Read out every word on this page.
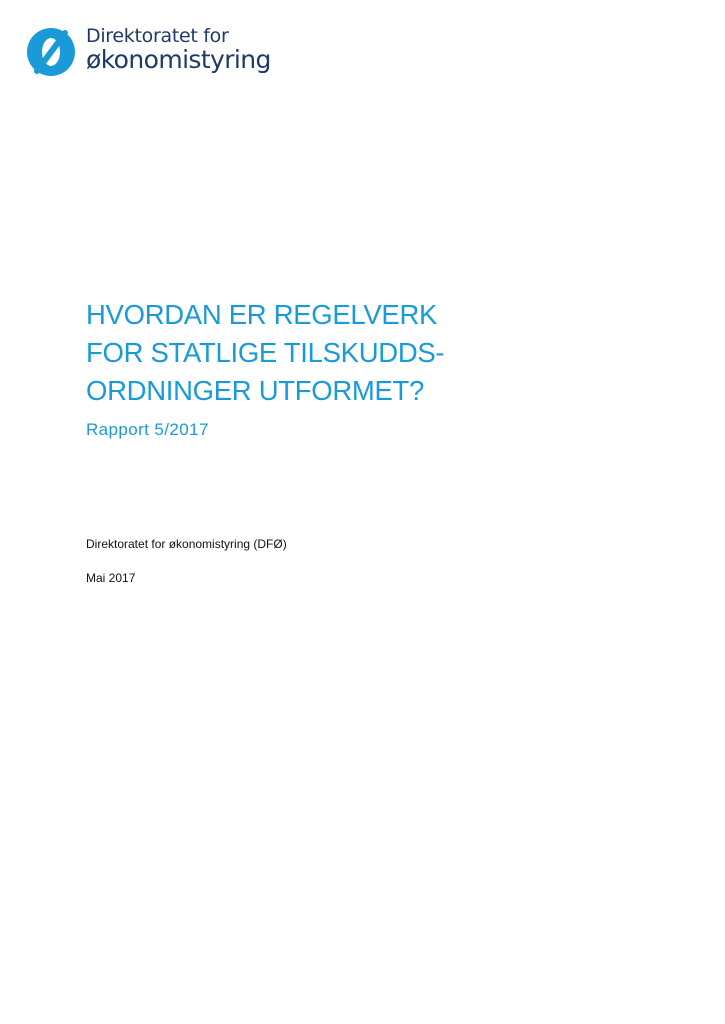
Direktoratet for
økonomistyring
HVORDAN ER REGELVERK
FOR STATLIGE TILSKUDDS-
ORDNINGER UTFORMET?

Rapport 5/2017

Direktoratet for økonomistyring (DFØ)

Mai 2017
